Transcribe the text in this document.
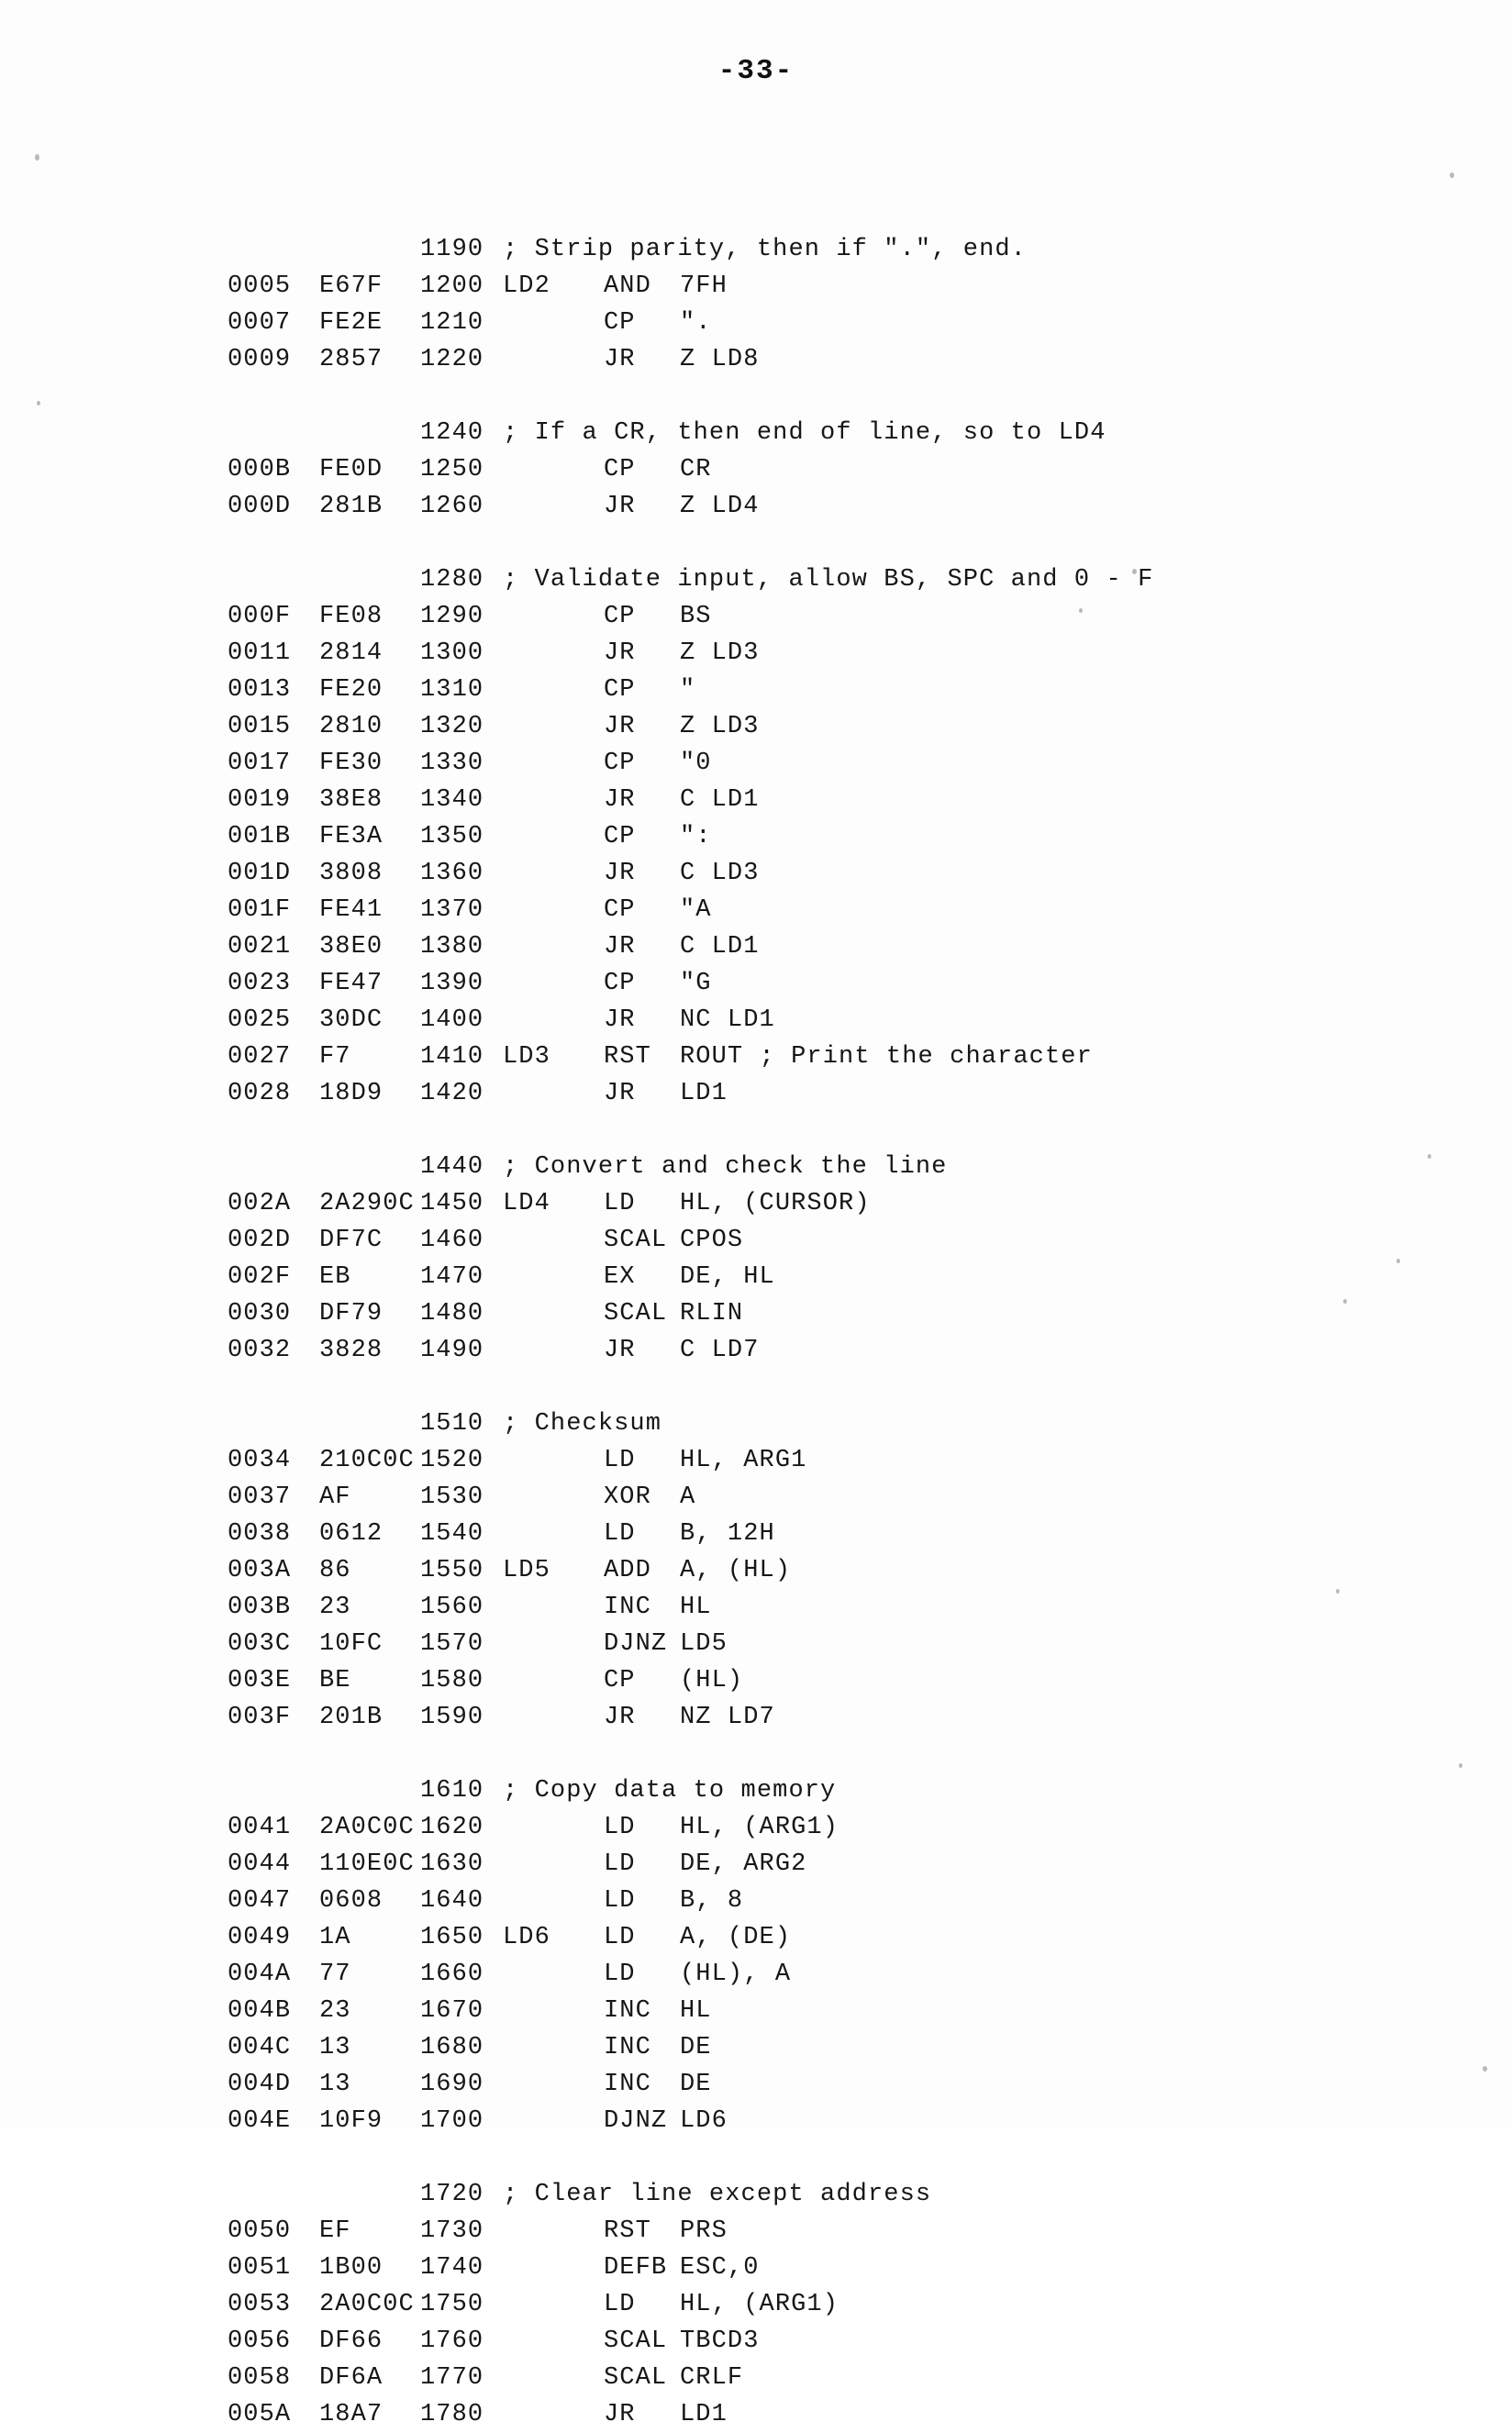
-33-
1190 ; Strip parity, then if ".", end.
0005 E67F 1200 LD2 AND 7FH
0007 FE2E 1210	CP ".
0009 2857 1220	JR Z LD8
1240 ; If a CR, then end of line, so to LD4
000B FE0D 1250	CP CR
000D 281B 1260	JR Z LD4
1280 ; Validate input, allow BS, SPC and 0 - F
000F FE08 1290	CP BS
0011 2814 1300	JR Z LD3
0013 FE20 1310	CP "
0015 2810 1320	JR Z LD3
0017 FE30 1330	CP "0
0019 38E8 1340	JR C LD1
001B FE3A 1350	CP ":
001D 3808 1360	JR C LD3
001F FE41 1370	CP "A
0021 38E0 1380	JR C LD1
0023 FE47 1390	CP "G
0025 30DC 1400	JR NC LD1
0027 F7	1410 LD3 RST ROUT ; Print the character
0028 18D9 1420	JR LD1
1440 ; Convert and check the line
002A 2A290C 1450 LD4 LD HL, (CURSOR)
002D DF7C 1460	SCAL CPOS
002F EB	1470	EX DE, HL
0030 DF79 1480	SCAL RLIN
0032 3828 1490	JR C LD7
1510 ; Checksum
0034 210C0C 1520	LD HL, ARG1
0037 AF	1530	XOR A
0038 0612 1540	LD B, 12H
003A 86	1550 LD5 ADD A, (HL)
003B 23	1560	INC HL
003C 10FC 1570	DJNZ LD5
003E BE	1580	CP (HL)
003F 201B 1590	JR NZ LD7
1610 ; Copy data to memory
0041 2A0C0C 1620	LD HL, (ARG1)
0044 110E0C 1630	LD DE, ARG2
0047 0608 1640	LD B, 8
0049 1A	1650 LD6 LD A, (DE)
004A 77	1660	LD (HL), A
004B 23	1670	INC HL
004C 13	1680	INC DE
004D 13	1690	INC DE
004E 10F9 1700	DJNZ LD6
1720 ; Clear line except address
0050 EF	1730	RST PRS
0051 1B00 1740	DEFB ESC,0
0053 2A0C0C 1750	LD HL, (ARG1)
0056 DF66 1760	SCAL TBCD3
0058 DF6A 1770	SCAL CRLF
005A 18A7 1780	JR LD1
